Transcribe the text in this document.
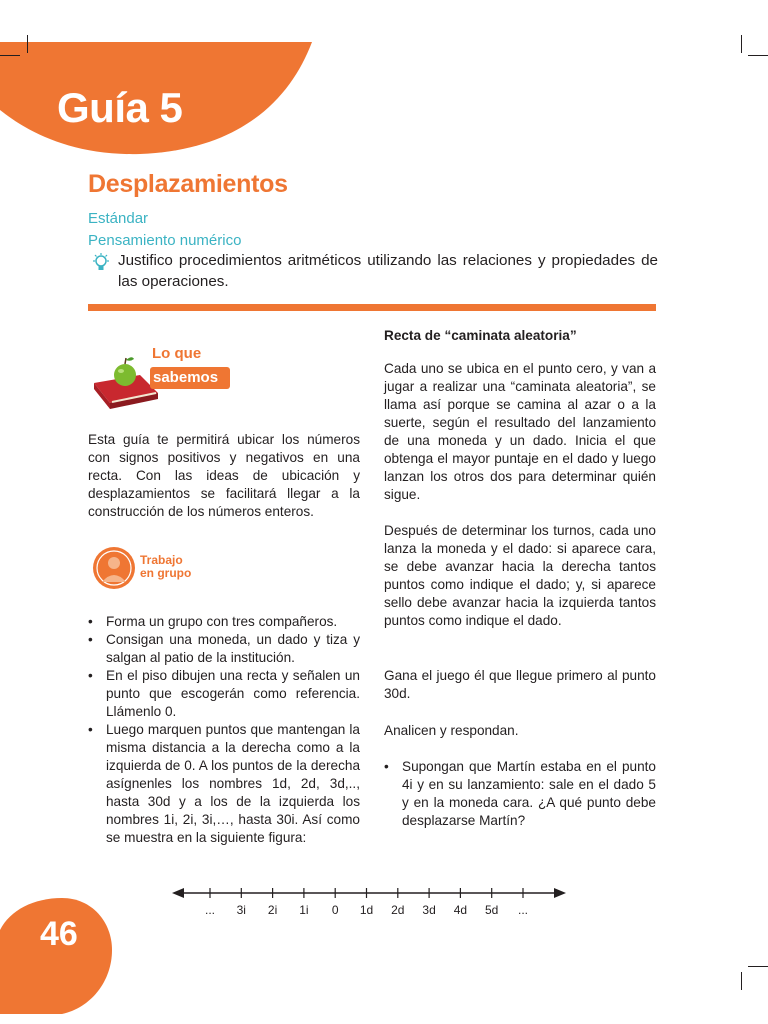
Guía 5
Desplazamientos
Estándar
Pensamiento numérico
Justifico procedimientos aritméticos utilizando las relaciones y propiedades de las operaciones.
Lo que
sabemos
Esta guía te permitirá ubicar los números con signos positivos y negativos en una recta. Con las ideas de ubicación y desplazamientos se facilitará llegar a la construcción de los números enteros.
Trabajo
en grupo
• Forma un grupo con tres compañeros.
• Consigan una moneda, un dado y tiza y salgan al patio de la institución.
• En el piso dibujen una recta y señalen un punto que escogerán como referencia. Llámenlo 0.
• Luego marquen puntos que mantengan la misma distancia a la derecha como a la izquierda de 0. A los puntos de la derecha asígnenles los nombres 1d, 2d, 3d,.., hasta 30d y a los de la izquierda los nombres 1i, 2i, 3i,…, hasta 30i. Así como se muestra en la siguiente figura:
Recta de “caminata aleatoria”
Cada uno se ubica en el punto cero, y van a jugar a realizar una “caminata aleatoria”, se llama así porque se camina al azar o a la suerte, según el resultado del lanzamiento de una moneda y un dado. Inicia el que obtenga el mayor puntaje en el dado y luego lanzan los otros dos para determinar quién sigue.
Después de determinar los turnos, cada uno lanza la moneda y el dado: si aparece cara, se debe avanzar hacia la derecha tantos puntos como indique el dado; y, si aparece sello debe avanzar hacia la izquierda tantos puntos como indique el dado.
Gana el juego él que llegue primero al punto 30d.
Analicen y respondan.
• Supongan que Martín estaba en el punto 4i y en su lanzamiento: sale en el dado 5 y en la moneda cara. ¿A qué punto debe desplazarse Martín?
... 3i 2i 1i 0 1d 2d 3d 4d 5d ...
46
